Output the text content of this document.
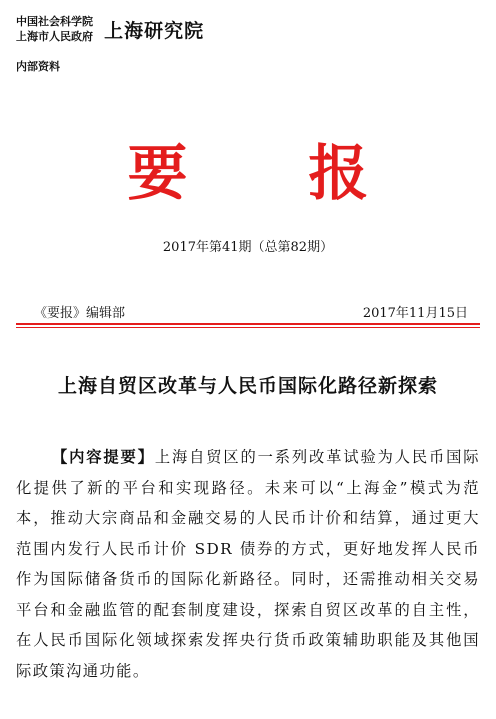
中国社会科学院
上海市人民政府 上海研究院
内部资料
要 报
2017年第41期（总第82期）
《要报》编辑部	2017年11月15日
上海自贸区改革与人民币国际化路径新探索
【内容提要】上海自贸区的一系列改革试验为人民币国际化提供了新的平台和实现路径。未来可以“上海金”模式为范本，推动大宗商品和金融交易的人民币计价和结算，通过更大范围内发行人民币计价 SDR 债券的方式，更好地发挥人民币作为国际储备货币的国际化新路径。同时，还需推动相关交易平台和金融监管的配套制度建设，探索自贸区改革的自主性，在人民币国际化领域探索发挥央行货币政策辅助职能及其他国际政策沟通功能。
